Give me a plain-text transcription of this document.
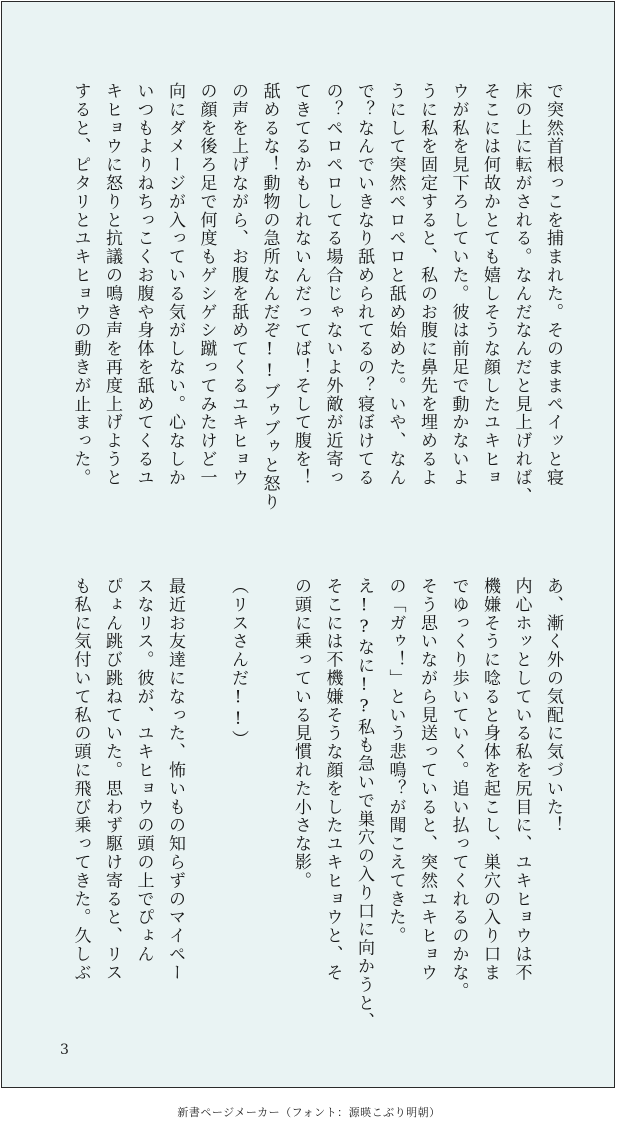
で突然首根っこを捕まれた。そのままペイッと寝

床の上に転がされる。なんだなんだと見上げれば、

そこには何故かとても嬉しそうな顔したユキヒョ

ウが私を見下ろしていた。彼は前足で動かないよ

うに私を固定すると、私のお腹に鼻先を埋めるよ

うにして突然ペロペロと舐め始めた。いや、なん

で？なんでいきなり舐められてるの？寝ぼけてる

の？ペロペロしてる場合じゃないよ外敵が近寄っ

てきてるかもしれないんだってば！そして腹を！

舐めるな！動物の急所なんだぞ!!ブゥブゥと怒り

の声を上げながら、お腹を舐めてくるユキヒョウ

の顔を後ろ足で何度もゲシゲシ蹴ってみたけど一

向にダメージが入っている気がしない。心なしか

いつもよりねちっこくお腹や身体を舐めてくるユ

キヒョウに怒りと抗議の鳴き声を再度上げようと

すると、ピタリとユキヒョウの動きが止まった。

あ、漸く外の気配に気づいた！

内心ホッとしている私を尻目に、ユキヒョウは不

機嫌そうに唸ると身体を起こし、巣穴の入り口ま

でゆっくり歩いていく。追い払ってくれるのかな。

そう思いながら見送っていると、突然ユキヒョウ

の「ガゥ！」という悲鳴？が聞こえてきた。

え!?なに!?私も急いで巣穴の入り口に向かうと、

そこには不機嫌そうな顔をしたユキヒョウと、そ

の頭に乗っている見慣れた小さな影。

（リスさんだ!!）

最近お友達になった、怖いもの知らずのマイペー

スなリス。彼が、ユキヒョウの頭の上でぴょん

ぴょん跳び跳ねていた。思わず駆け寄ると、リス

も私に気付いて私の頭に飛び乗ってきた。久しぶ

3
新書ページメーカー（フォント：源暎こぶり明朝）
